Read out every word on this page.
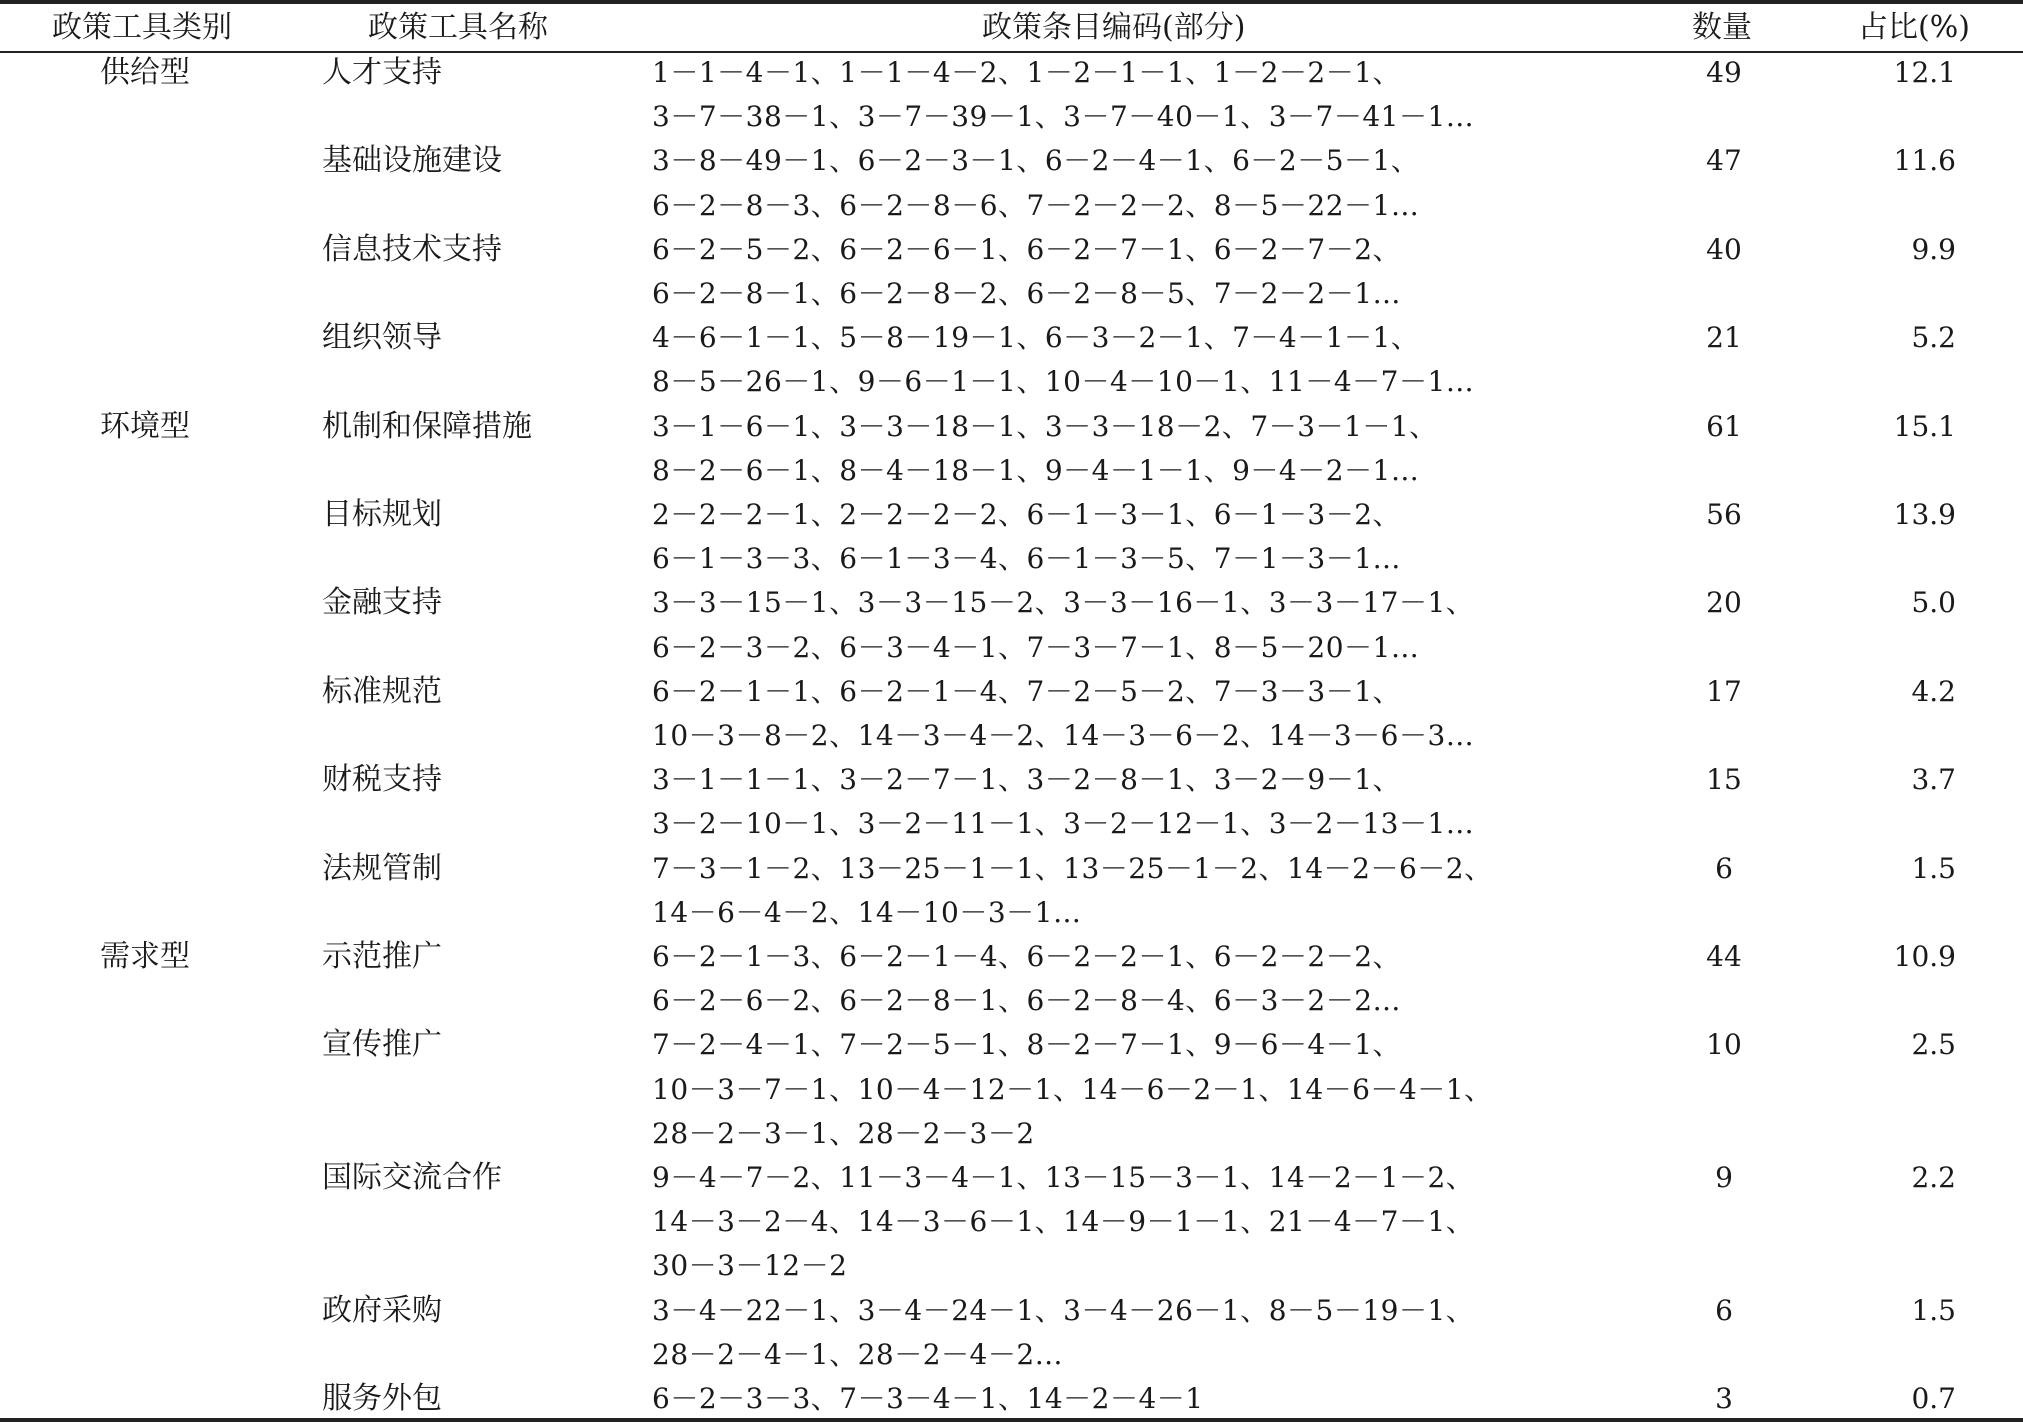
政策工具类别	政策工具名称	政策条目编码(部分)	数量	占比(%)
供给型	人才支持	1－1－4－1、1－1－4－2、1－2－1－1、1－2－2－1、
3－7－38－1、3－7－39－1、3－7－40－1、3－7－41－1…
49	12.1
基础设施建设	3－8－49－1、6－2－3－1、6－2－4－1、6－2－5－1、
6－2－8－3、6－2－8－6、7－2－2－2、8－5－22－1…
47	11.6
信息技术支持	6－2－5－2、6－2－6－1、6－2－7－1、6－2－7－2、
6－2－8－1、6－2－8－2、6－2－8－5、7－2－2－1…
40	9.9
组织领导	4－6－1－1、5－8－19－1、6－3－2－1、7－4－1－1、
8－5－26－1、9－6－1－1、10－4－10－1、11－4－7－1…
21	5.2
环境型	机制和保障措施	3－1－6－1、3－3－18－1、3－3－18－2、7－3－1－1、
8－2－6－1、8－4－18－1、9－4－1－1、9－4－2－1…
61	15.1
目标规划	2－2－2－1、2－2－2－2、6－1－3－1、6－1－3－2、
6－1－3－3、6－1－3－4、6－1－3－5、7－1－3－1…
56	13.9
金融支持	3－3－15－1、3－3－15－2、3－3－16－1、3－3－17－1、
6－2－3－2、6－3－4－1、7－3－7－1、8－5－20－1…
20	5.0
标准规范	6－2－1－1、6－2－1－4、7－2－5－2、7－3－3－1、
10－3－8－2、14－3－4－2、14－3－6－2、14－3－6－3…
17	4.2
财税支持	3－1－1－1、3－2－7－1、3－2－8－1、3－2－9－1、
3－2－10－1、3－2－11－1、3－2－12－1、3－2－13－1…
15	3.7
法规管制	7－3－1－2、13－25－1－1、13－25－1－2、14－2－6－2、
14－6－4－2、14－10－3－1…
6	1.5
需求型	示范推广	6－2－1－3、6－2－1－4、6－2－2－1、6－2－2－2、
6－2－6－2、6－2－8－1、6－2－8－4、6－3－2－2…
44	10.9
宣传推广	7－2－4－1、7－2－5－1、8－2－7－1、9－6－4－1、
10－3－7－1、10－4－12－1、14－6－2－1、14－6－4－1、
28－2－3－1、28－2－3－2
10	2.5
国际交流合作	9－4－7－2、11－3－4－1、13－15－3－1、14－2－1－2、
14－3－2－4、14－3－6－1、14－9－1－1、21－4－7－1、
30－3－12－2
9	2.2
政府采购	3－4－22－1、3－4－24－1、3－4－26－1、8－5－19－1、
28－2－4－1、28－2－4－2…
6	1.5
服务外包	6－2－3－3、7－3－4－1、14－2－4－1	3	0.7
